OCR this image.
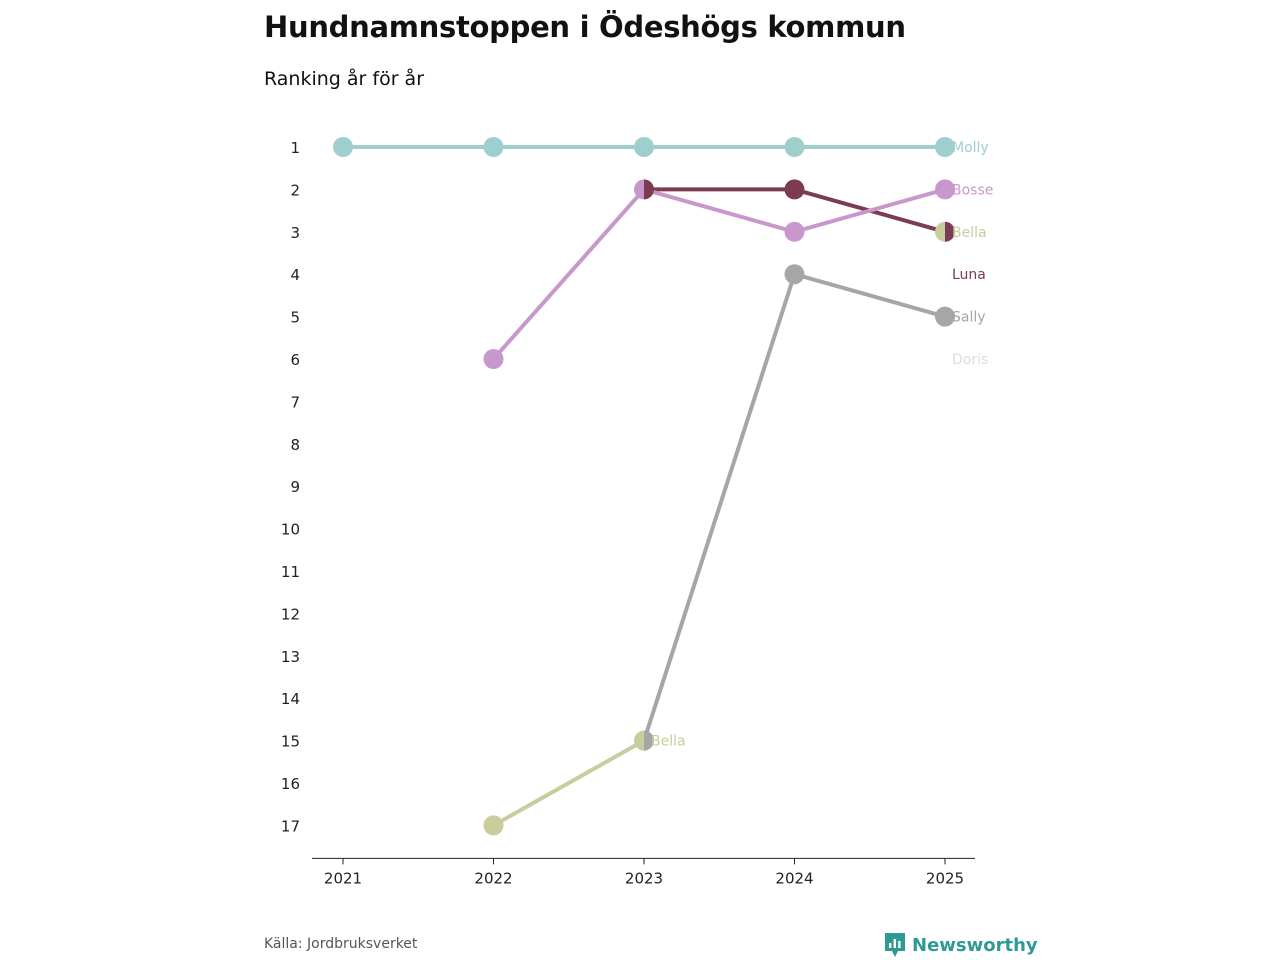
Hundnamnstoppen i Ödeshögs kommun
Ranking år för år
1
2
3
4
5
6
7
8
9
10
11
12
13
14
15
16
17
2021	2022	2023	2024	2025
Molly
Bosse
Bella
Luna
Sally
Doris
Bella
Källa: Jordbruksverket	Newsworthy
